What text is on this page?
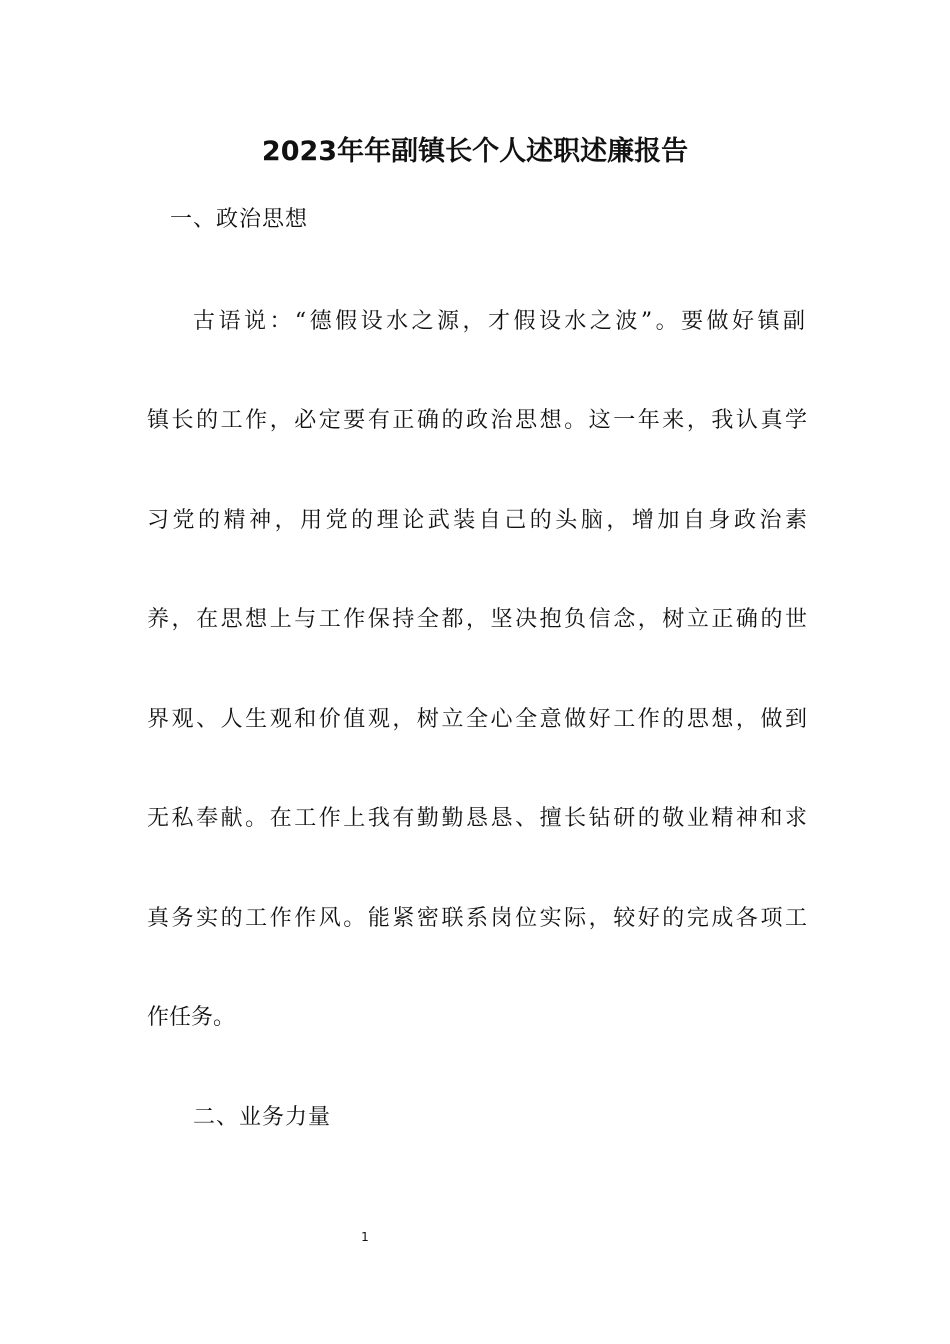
2023年年副镇长个人述职述廉报告
一、政治思想
古语说：“德假设水之源，才假设水之波”。要做好镇副
镇长的工作，必定要有正确的政治思想。这一年来，我认真学
习党的精神，用党的理论武装自己的头脑，增加自身政治素
养，在思想上与工作保持全都，坚决抱负信念，树立正确的世
界观、人生观和价值观，树立全心全意做好工作的思想，做到
无私奉献。在工作上我有勤勤恳恳、擅长钻研的敬业精神和求
真务实的工作作风。能紧密联系岗位实际，较好的完成各项工
作任务。
二、业务力量
1
